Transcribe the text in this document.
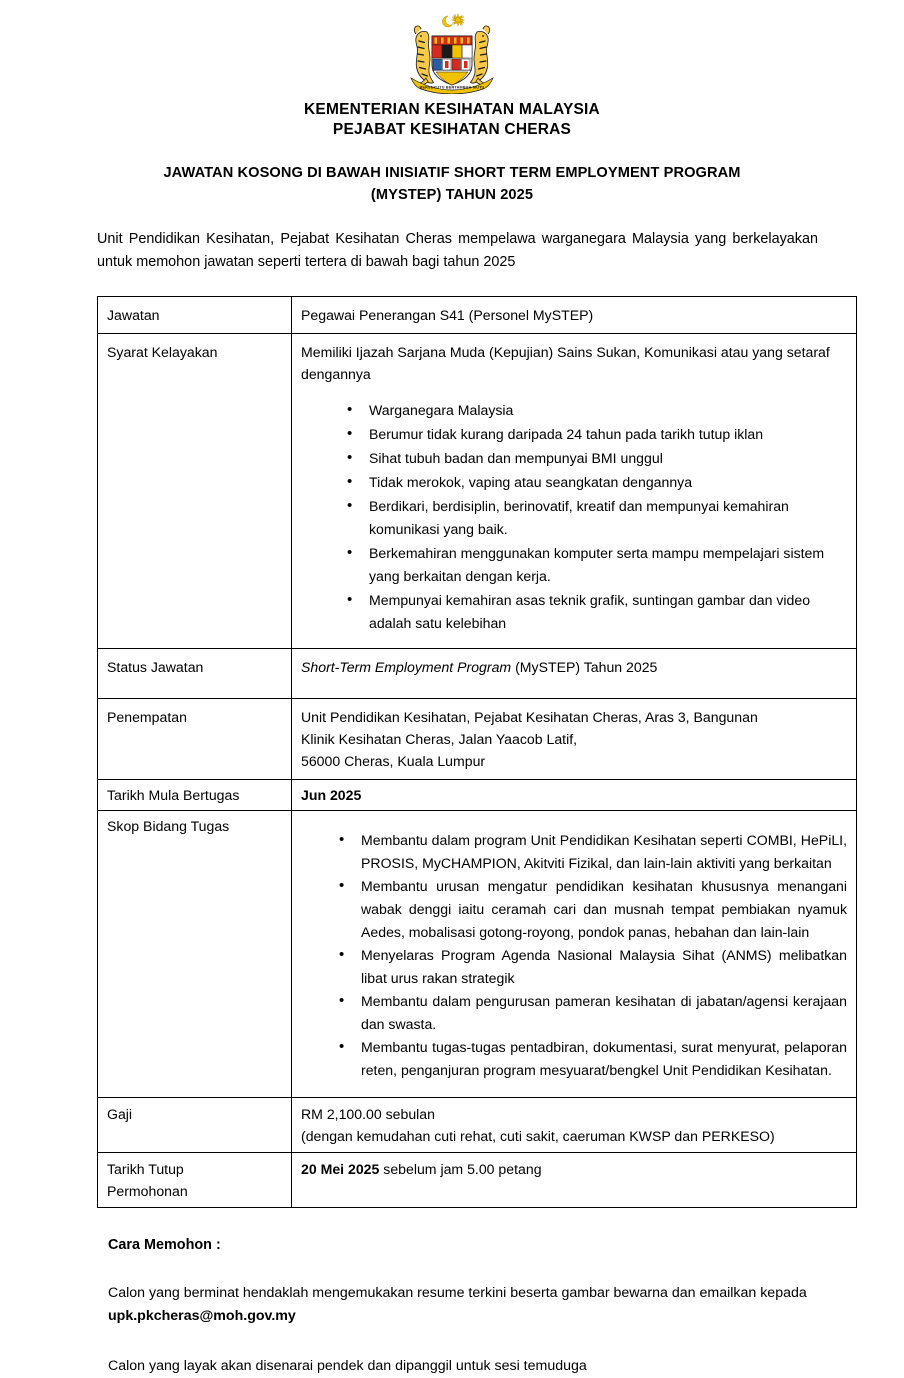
BERSEKUTU BERTAMBAH MUTU
KEMENTERIAN KESIHATAN MALAYSIA
PEJABAT KESIHATAN CHERAS
JAWATAN KOSONG DI BAWAH INISIATIF SHORT TERM EMPLOYMENT PROGRAM
(MYSTEP) TAHUN 2025
Unit Pendidikan Kesihatan, Pejabat Kesihatan Cheras mempelawa warganegara Malaysia yang berkelayakan untuk memohon jawatan seperti tertera di bawah bagi tahun 2025
Jawatan	Pegawai Penerangan S41 (Personel MySTEP)
Syarat Kelayakan	Memiliki Ijazah Sarjana Muda (Kepujian) Sains Sukan, Komunikasi atau yang setaraf dengannya
• Warganegara Malaysia
• Berumur tidak kurang daripada 24 tahun pada tarikh tutup iklan
• Sihat tubuh badan dan mempunyai BMI unggul
• Tidak merokok, vaping atau seangkatan dengannya
• Berdikari, berdisiplin, berinovatif, kreatif dan mempunyai kemahiran komunikasi yang baik.
• Berkemahiran menggunakan komputer serta mampu mempelajari sistem yang berkaitan dengan kerja.
• Mempunyai kemahiran asas teknik grafik, suntingan gambar dan video adalah satu kelebihan

Status Jawatan	Short-Term Employment Program (MySTEP) Tahun 2025
Penempatan	Unit Pendidikan Kesihatan, Pejabat Kesihatan Cheras, Aras 3, Bangunan
Klinik Kesihatan Cheras, Jalan Yaacob Latif,
56000 Cheras, Kuala Lumpur

Tarikh Mula Bertugas	Jun 2025
Skop Bidang Tugas	
• Membantu dalam program Unit Pendidikan Kesihatan seperti COMBI, HePiLI, PROSIS, MyCHAMPION, Akitviti Fizikal, dan lain-lain aktiviti yang berkaitan
• Membantu urusan mengatur pendidikan kesihatan khususnya menangani wabak denggi iaitu ceramah cari dan musnah tempat pembiakan nyamuk Aedes, mobalisasi gotong-royong, pondok panas, hebahan dan lain-lain
• Menyelaras Program Agenda Nasional Malaysia Sihat (ANMS) melibatkan libat urus rakan strategik
• Membantu dalam pengurusan pameran kesihatan di jabatan/agensi kerajaan dan swasta.
• Membantu tugas-tugas pentadbiran, dokumentasi, surat menyurat, pelaporan reten, penganjuran program mesyuarat/bengkel Unit Pendidikan Kesihatan.

Gaji	RM 2,100.00 sebulan
(dengan kemudahan cuti rehat, cuti sakit, caeruman KWSP dan PERKESO)

Tarikh Tutup
Permohonan	20 Mei 2025 sebelum jam 5.00 petang
Cara Memohon :
Calon yang berminat hendaklah mengemukakan resume terkini beserta gambar bewarna dan emailkan kepada upk.pkcheras@moh.gov.my
Calon yang layak akan disenarai pendek dan dipanggil untuk sesi temuduga
